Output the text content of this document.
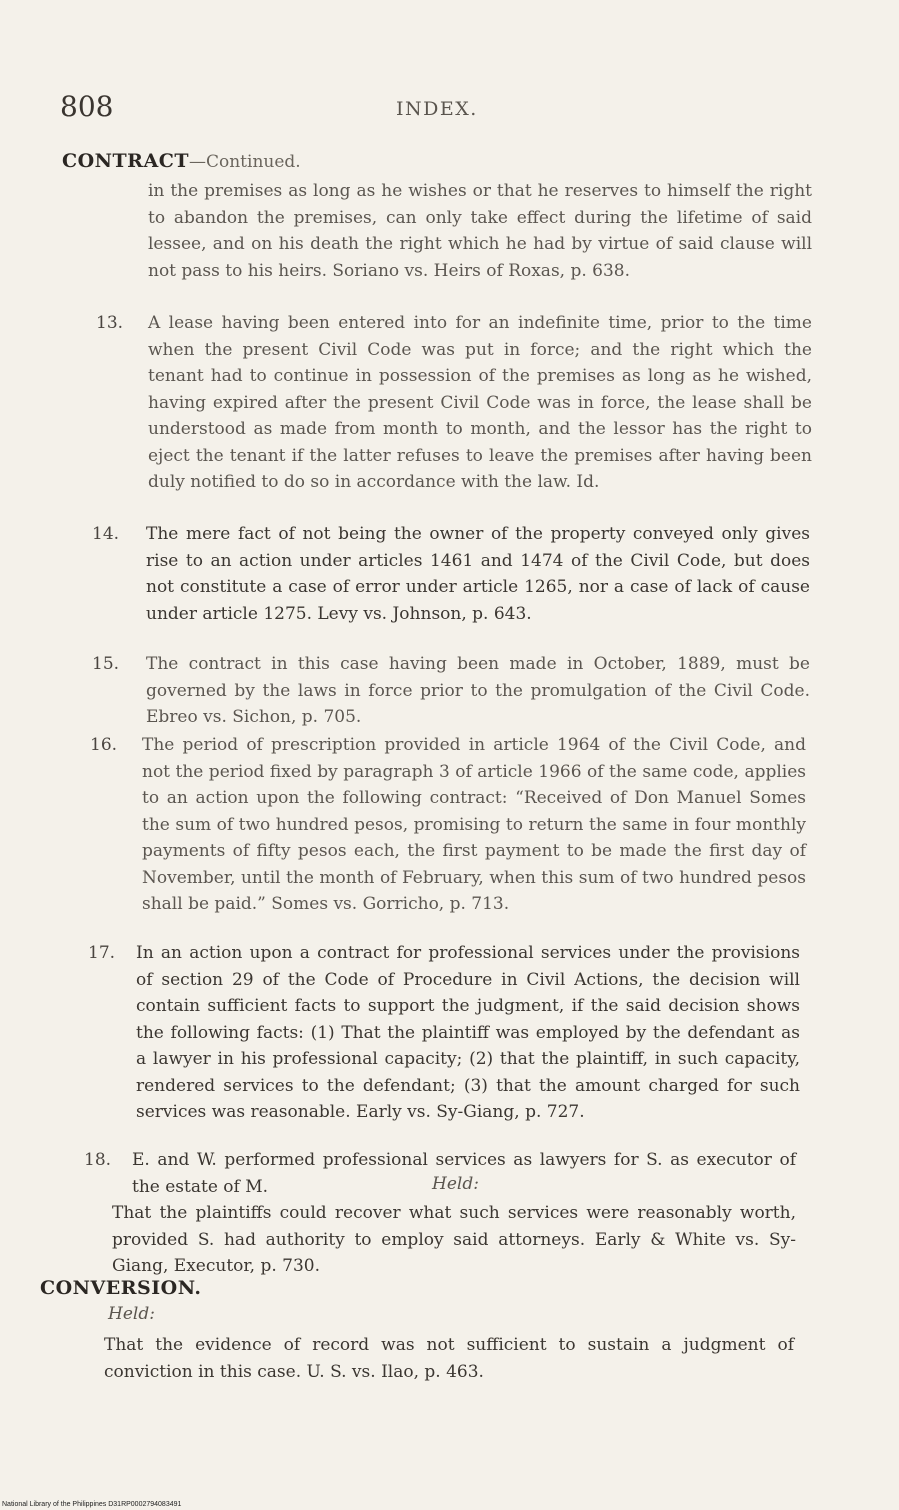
808	INDEX.
CONTRACT—Continued.
in the premises as long as he wishes or that he reserves to himself the right to abandon the premises, can only take effect during the lifetime of said lessee, and on his death the right which he had by virtue of said clause will not pass to his heirs. Soriano vs. Heirs of Roxas, p. 638.
13. A lease having been entered into for an indefinite time, prior to the time when the present Civil Code was put in force; and the right which the tenant had to continue in possession of the premises as long as he wished, having expired after the present Civil Code was in force, the lease shall be understood as made from month to month, and the lessor has the right to eject the tenant if the latter refuses to leave the premises after having been duly notified to do so in accordance with the law. Id.
14. The mere fact of not being the owner of the property conveyed only gives rise to an action under articles 1461 and 1474 of the Civil Code, but does not constitute a case of error under article 1265, nor a case of lack of cause under article 1275. Levy vs. Johnson, p. 643.
15. The contract in this case having been made in October, 1889, must be governed by the laws in force prior to the promulgation of the Civil Code. Ebreo vs. Sichon, p. 705.
16. The period of prescription provided in article 1964 of the Civil Code, and not the period fixed by paragraph 3 of article 1966 of the same code, applies to an action upon the following contract: “Received of Don Manuel Somes the sum of two hundred pesos, promising to return the same in four monthly payments of fifty pesos each, the first payment to be made the first day of November, until the month of February, when this sum of two hundred pesos shall be paid.” Somes vs. Gorricho, p. 713.
17. In an action upon a contract for professional services under the provisions of section 29 of the Code of Procedure in Civil Actions, the decision will contain sufficient facts to support the judgment, if the said decision shows the following facts: (1) That the plaintiff was employed by the defendant as a lawyer in his professional capacity; (2) that the plaintiff, in such capacity, rendered services to the defendant; (3) that the amount charged for such services was reasonable. Early vs. Sy-Giang, p. 727.
18. E. and W. performed professional services as lawyers for S. as executor of the estate of M.	Held:
That the plaintiffs could recover what such services were reasonably worth, provided S. had authority to employ said attorneys. Early & White vs. Sy-Giang, Executor, p. 730.
CONVERSION.
Held:
That the evidence of record was not sufficient to sustain a judgment of conviction in this case. U. S. vs. Ilao, p. 463.
National Library of the Philippines D31RP0002794083491
